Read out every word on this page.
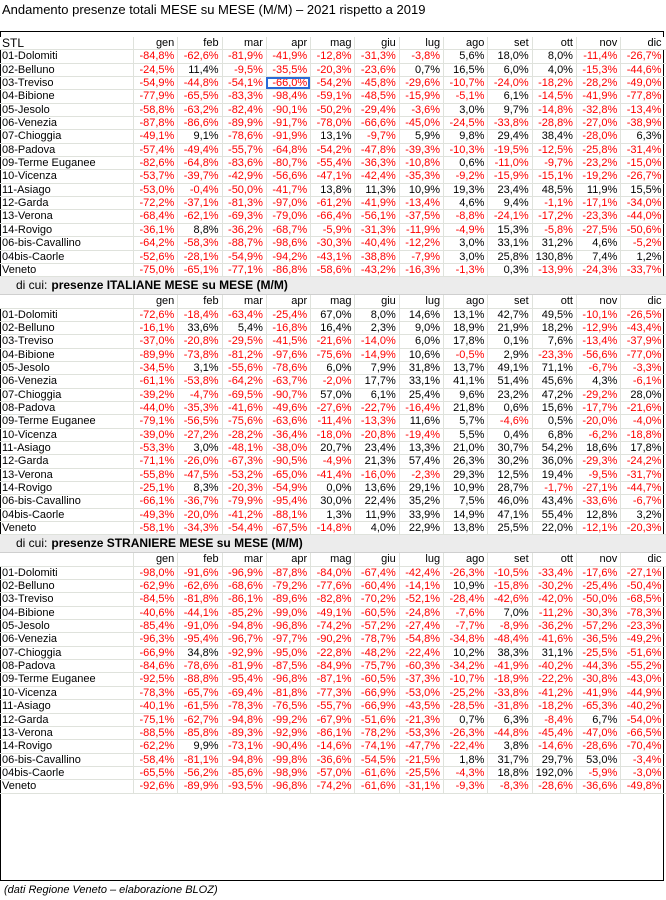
Andamento presenze totali MESE su MESE (M/M) – 2021 rispetto a 2019
STL	gen	feb	mar	apr	mag	giu	lug	ago	set	ott	nov	dic
01-Dolomiti	-84,8% -62,6% -81,9% -41,9% -12,8% -31,3%	-3,8%	5,6%	18,0%	8,0% -11,4% -26,7%
02-Belluno	-24,5%	11,4%	-9,5% -35,5% -20,3% -23,6%	0,7%	16,5%	6,0%	4,0% -15,3% -44,6%
03-Treviso	-54,9% -44,8% -54,1% -66,0% -54,2% -45,8% -29,6% -10,7% -24,0% -18,2% -28,2% -49,0%
04-Bibione	-77,9% -65,5% -83,3% -98,4% -59,1% -48,5% -15,9%	-5,1%	6,1% -14,5% -41,9% -77,8%
05-Jesolo	-58,8% -63,2% -82,4% -90,1% -50,2% -29,4%	-3,6%	3,0%	9,7% -14,8% -32,8% -13,4%
06-Venezia	-87,8% -86,6% -89,9% -91,7% -78,0% -66,6% -45,0% -24,5% -33,8% -28,8% -27,0% -38,9%
07-Chioggia	-49,1%	9,1% -78,6% -91,9%	13,1%	-9,7%	5,9%	9,8%	29,4%	38,4% -28,0%	6,3%
08-Padova	-57,4% -49,4% -55,7% -64,8% -54,2% -47,8% -39,3% -10,3% -19,5% -12,5% -25,8% -31,4%
09-Terme Euganee	-82,6% -64,8% -83,6% -80,7% -55,4% -36,3% -10,8%	0,6% -11,0%	-9,7% -23,2% -15,0%
10-Vicenza	-53,7% -39,7% -42,9% -56,6% -47,1% -42,4% -35,3%	-9,2% -15,9% -15,1% -19,2% -26,7%
11-Asiago	-53,0%	-0,4% -50,0% -41,7%	13,8%	11,3%	10,9%	19,3%	23,4%	48,5%	11,9%	15,5%
12-Garda	-72,2% -37,1% -81,3% -97,0% -61,2% -41,9% -13,4%	4,6%	9,4%	-1,1% -17,1% -34,0%
13-Verona	-68,4% -62,1% -69,3% -79,0% -66,4% -56,1% -37,5%	-8,8% -24,1% -17,2% -23,3% -44,0%
14-Rovigo	-36,1%	8,8% -36,2% -68,7%	-5,9% -31,3% -11,9%	-4,9%	15,3%	-5,8% -27,5% -50,6%
06-bis-Cavallino	-64,2% -58,3% -88,7% -98,6% -30,3% -40,4% -12,2%	3,0%	33,1%	31,2%	4,6%	-5,2%
04bis-Caorle	-52,6% -28,1% -54,9% -94,2% -43,1% -38,8%	-7,9%	3,0%	25,8% 130,8%	7,4%	1,2%
Veneto	-75,0% -65,1% -77,1% -86,8% -58,6% -43,2% -16,3%	-1,3%	0,3% -13,9% -24,3% -33,7%
di cui: presenze ITALIANE MESE su MESE (M/M)
gen	feb	mar	apr	mag	giu	lug	ago	set	ott	nov	dic
01-Dolomiti	-72,6% -18,4% -63,4% -25,4%	67,0%	8,0%	14,6%	13,1%	42,7%	49,5% -10,1% -26,5%
02-Belluno	-16,1%	33,6%	5,4% -16,8%	16,4%	2,3%	9,0%	18,9%	21,9%	18,2% -12,9% -43,4%
03-Treviso	-37,0% -20,8% -29,5% -41,5% -21,6% -14,0%	6,0%	17,8%	0,1%	7,6% -13,4% -37,9%
04-Bibione	-89,9% -73,8% -81,2% -97,6% -75,6% -14,9%	10,6%	-0,5%	2,9% -23,3% -56,6% -77,0%
05-Jesolo	-34,5%	3,1% -55,6% -78,6%	6,0%	7,9%	31,8%	13,7%	49,1%	71,1%	-6,7%	-3,3%
06-Venezia	-61,1% -53,8% -64,2% -63,7%	-2,0%	17,7%	33,1%	41,1%	51,4%	45,6%	4,3%	-6,1%
07-Chioggia	-39,2%	-4,7% -69,5% -90,7%	57,0%	6,1%	25,4%	9,6%	23,2%	47,2% -29,2%	28,0%
08-Padova	-44,0% -35,3% -41,6% -49,6% -27,6% -22,7% -16,4%	21,8%	0,6%	15,6% -17,7% -21,6%
09-Terme Euganee	-79,1% -56,5% -75,6% -63,6% -11,4% -13,3%	11,6%	5,7%	-4,6%	0,5% -20,0%	-4,0%
10-Vicenza	-39,0% -27,2% -28,2% -36,4% -18,0% -20,8% -19,4%	5,5%	0,4%	6,8%	-6,2% -18,8%
11-Asiago	-53,3%	3,0% -48,1% -38,0%	20,7%	23,4%	13,3%	21,0%	30,7%	54,2%	18,6%	17,8%
12-Garda	-71,1% -26,0% -67,3% -90,5%	-4,9%	21,3%	57,4%	26,3%	30,2%	36,0% -29,3% -24,2%
13-Verona	-55,8% -47,5% -53,2% -65,0% -41,4% -16,0%	-2,3%	29,3%	12,5%	19,4%	-9,5% -31,7%
14-Rovigo	-25,1%	8,3% -20,3% -54,9%	0,0%	13,6%	29,1%	10,9%	28,7%	-1,7% -27,1% -44,7%
06-bis-Cavallino	-66,1% -36,7% -79,9% -95,4%	30,0%	22,4%	35,2%	7,5%	46,0%	43,4% -33,6%	-6,7%
04bis-Caorle	-49,3% -20,0% -41,2% -88,1%	1,3%	11,9%	33,9%	14,9%	47,1%	55,4%	12,8%	3,2%
Veneto	-58,1% -34,3% -54,4% -67,5% -14,8%	4,0%	22,9%	13,8%	25,5%	22,0% -12,1% -20,3%
di cui: presenze STRANIERE MESE su MESE (M/M)
gen	feb	mar	apr	mag	giu	lug	ago	set	ott	nov	dic
01-Dolomiti	-98,0% -91,6% -96,9% -87,8% -84,0% -67,4% -42,4% -26,3% -10,5% -33,4% -17,6% -27,1%
02-Belluno	-62,9% -62,6% -68,6% -79,2% -77,6% -60,4% -14,1%	10,9% -15,8% -30,2% -25,4% -50,4%
03-Treviso	-84,5% -81,8% -86,1% -89,6% -82,8% -70,2% -52,1% -28,4% -42,6% -42,0% -50,0% -68,5%
04-Bibione	-40,6% -44,1% -85,2% -99,0% -49,1% -60,5% -24,8%	-7,6%	7,0% -11,2% -30,3% -78,3%
05-Jesolo	-85,4% -91,0% -94,8% -96,8% -74,2% -57,2% -27,4%	-7,7%	-8,9% -36,2% -57,2% -23,3%
06-Venezia	-96,3% -95,4% -96,7% -97,7% -90,2% -78,7% -54,8% -34,8% -48,4% -41,6% -36,5% -49,2%
07-Chioggia	-66,9%	34,8% -92,9% -95,0% -22,8% -48,2% -22,4%	10,2%	38,3%	31,1% -25,5% -51,6%
08-Padova	-84,6% -78,6% -81,9% -87,5% -84,9% -75,7% -60,3% -34,2% -41,9% -40,2% -44,3% -55,2%
09-Terme Euganee	-92,5% -88,8% -95,4% -96,8% -87,1% -60,5% -37,3% -10,7% -18,9% -22,2% -30,8% -43,0%
10-Vicenza	-78,3% -65,7% -69,4% -81,8% -77,3% -66,9% -53,0% -25,2% -33,8% -41,2% -41,9% -44,9%
11-Asiago	-40,1% -61,5% -78,3% -76,5% -55,7% -66,9% -43,5% -28,5% -31,8% -18,2% -65,3% -40,2%
12-Garda	-75,1% -62,7% -94,8% -99,2% -67,9% -51,6% -21,3%	0,7%	6,3%	-8,4%	6,7% -54,0%
13-Verona	-88,5% -85,8% -89,3% -92,9% -86,1% -78,2% -53,3% -26,3% -44,8% -45,4% -47,0% -66,5%
14-Rovigo	-62,2%	9,9% -73,1% -90,4% -14,6% -74,1% -47,7% -22,4%	3,8% -14,6% -28,6% -70,4%
06-bis-Cavallino	-58,4% -81,1% -94,8% -99,8% -36,6% -54,5% -21,5%	1,8%	31,7%	29,7%	53,0%	-3,4%
04bis-Caorle	-65,5% -56,2% -85,6% -98,9% -57,0% -61,6% -25,5%	-4,3%	18,8% 192,0%	-5,9%	-3,0%
Veneto	-92,6% -89,9% -93,5% -96,8% -74,2% -61,6% -31,1%	-9,3%	-8,3% -28,6% -36,6% -49,8%
(dati Regione Veneto – elaborazione BLOZ)
